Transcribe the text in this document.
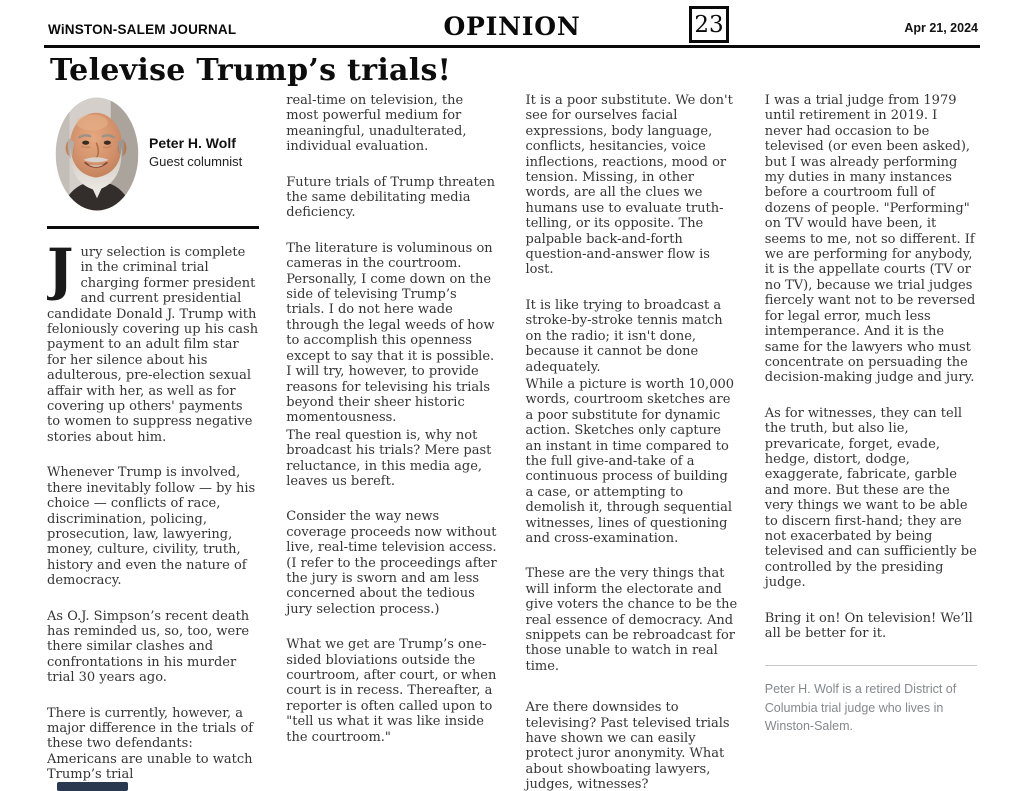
WiNSTON-SALEM JOURNAL	OPINION	23	Apr 21, 2024
Televise Trump’s trials!
Peter H. Wolf
Guest columnist

Jury selection is complete in the criminal trial charging former president and current presidential candidate Donald J. Trump with feloniously covering up his cash payment to an adult film star for her silence about his adulterous, pre-election sexual affair with her, as well as for covering up others' payments to women to suppress negative stories about him.

Whenever Trump is involved, there inevitably follow — by his choice — conflicts of race, discrimination, policing, prosecution, law, lawyering, money, culture, civility, truth, history and even the nature of democracy.

As O.J. Simpson’s recent death has reminded us, so, too, were there similar clashes and confrontations in his murder trial 30 years ago.

There is currently, however, a major difference in the trials of these two defendants: Americans are unable to watch Trump’s trial

real-time on television, the most powerful medium for meaningful, unadulterated, individual evaluation.

Future trials of Trump threaten the same debilitating media deficiency.

The literature is voluminous on cameras in the courtroom. Personally, I come down on the side of televising Trump’s trials. I do not here wade through the legal weeds of how to accomplish this openness except to say that it is possible. I will try, however, to provide reasons for televising his trials beyond their sheer historic momentousness.

The real question is, why not broadcast his trials? Mere past reluctance, in this media age, leaves us bereft.

Consider the way news coverage proceeds now without live, real-time television access. (I refer to the proceedings after the jury is sworn and am less concerned about the tedious jury selection process.)

What we get are Trump’s one-sided bloviations outside the courtroom, after court, or when court is in recess. Thereafter, a reporter is often called upon to "tell us what it was like inside the courtroom."

It is a poor substitute. We don't see for ourselves facial expressions, body language, conflicts, hesitancies, voice inflections, reactions, mood or tension. Missing, in other words, are all the clues we humans use to evaluate truth-telling, or its opposite. The palpable back-and-forth question-and-answer flow is lost.

It is like trying to broadcast a stroke-by-stroke tennis match on the radio; it isn't done, because it cannot be done adequately.

While a picture is worth 10,000 words, courtroom sketches are a poor substitute for dynamic action. Sketches only capture an instant in time compared to the full give-and-take of a continuous process of building a case, or attempting to demolish it, through sequential witnesses, lines of questioning and cross-examination.

These are the very things that will inform the electorate and give voters the chance to be the real essence of democracy. And snippets can be rebroadcast for those unable to watch in real time.

Are there downsides to televising? Past televised trials have shown we can easily protect juror anonymity. What about showboating lawyers, judges, witnesses?

I was a trial judge from 1979 until retirement in 2019. I never had occasion to be televised (or even been asked), but I was already performing my duties in many instances before a courtroom full of dozens of people. "Performing" on TV would have been, it seems to me, not so different. If we are performing for anybody, it is the appellate courts (TV or no TV), because we trial judges fiercely want not to be reversed for legal error, much less intemperance. And it is the same for the lawyers who must concentrate on persuading the decision-making judge and jury.

As for witnesses, they can tell the truth, but also lie, prevaricate, forget, evade, hedge, distort, dodge, exaggerate, fabricate, garble and more. But these are the very things we want to be able to discern first-hand; they are not exacerbated by being televised and can sufficiently be controlled by the presiding judge.

Bring it on! On television! We’ll all be better for it.

Peter H. Wolf is a retired District of Columbia trial judge who lives in Winston-Salem.
